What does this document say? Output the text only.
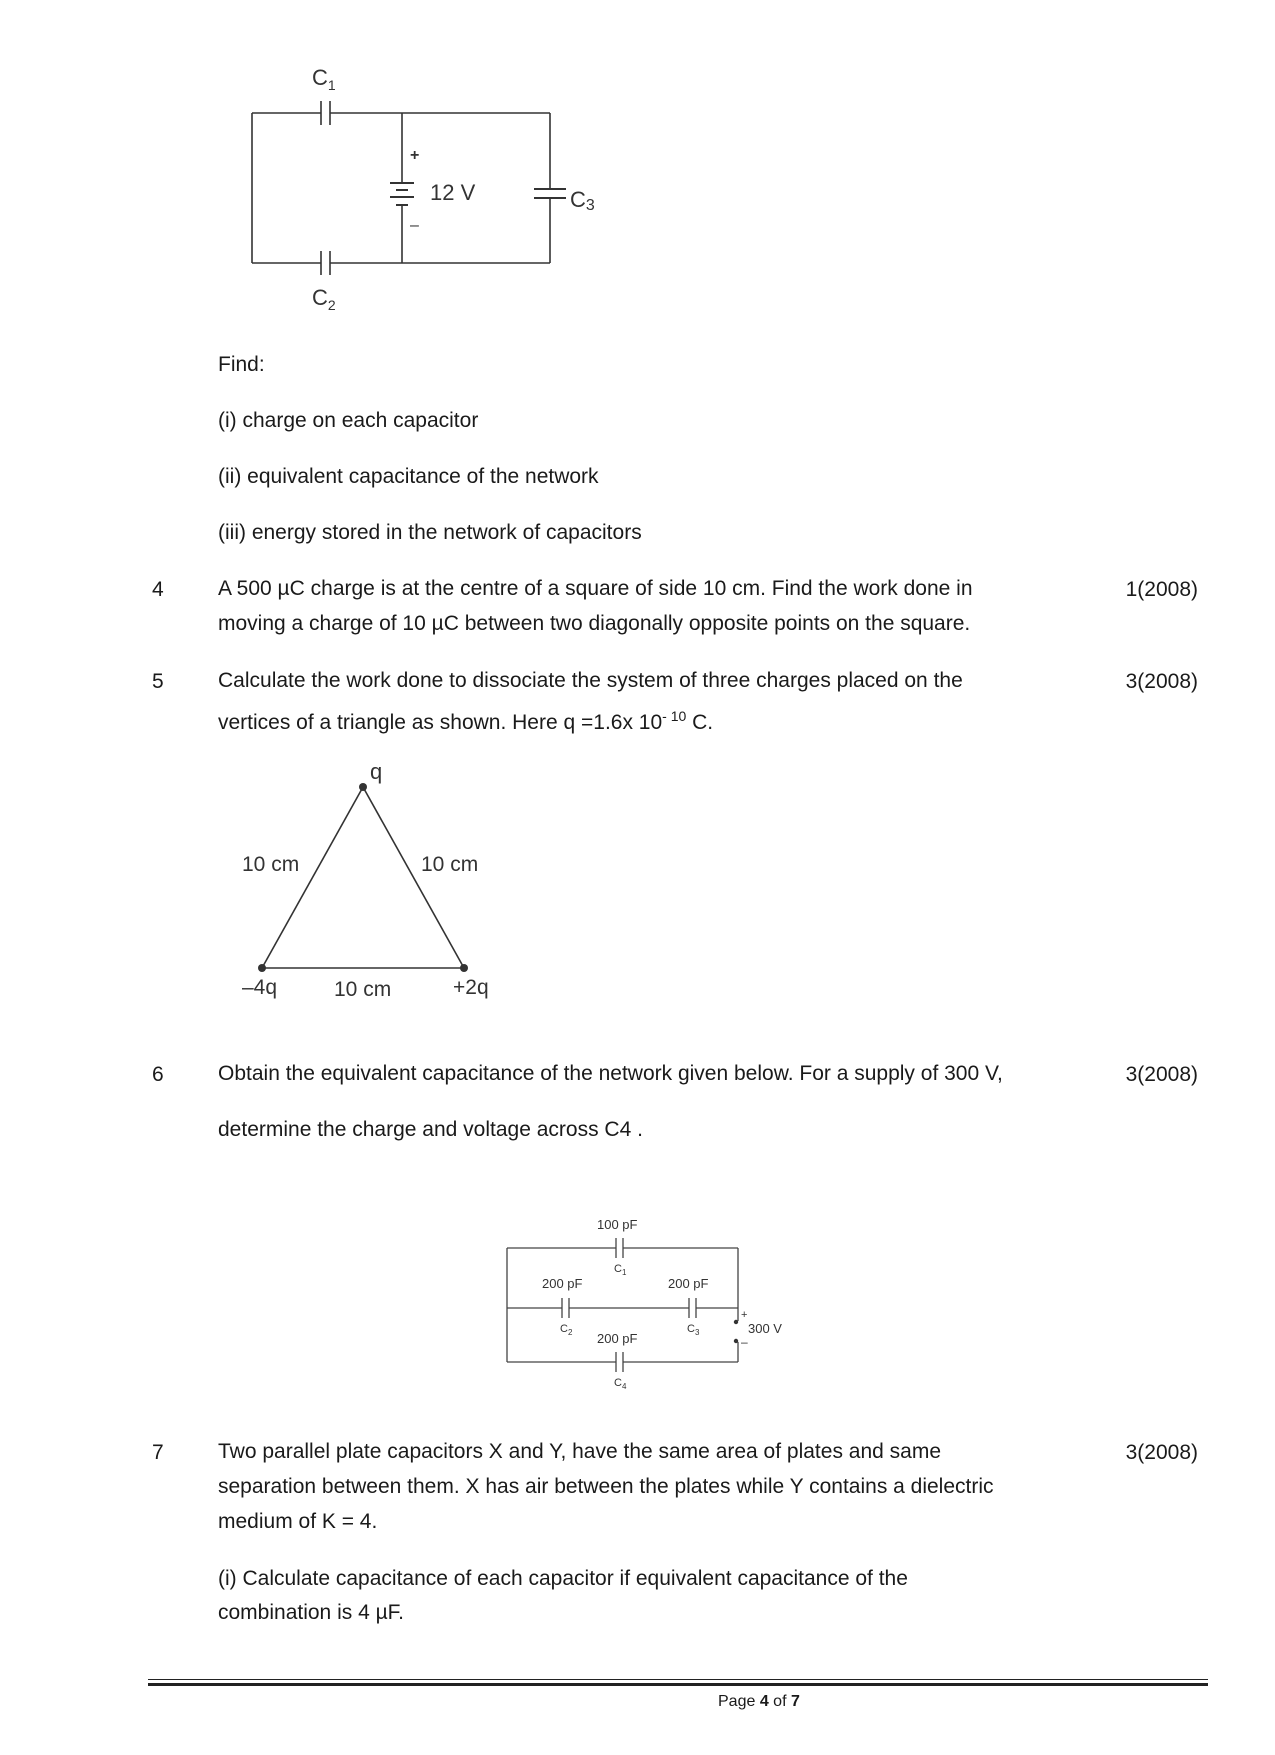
$C_1$
$C_2$
C3
12 V
+
–
Find:
(i) charge on each capacitor
(ii) equivalent capacitance of the network
(iii) energy stored in the network of capacitors
4	A 500 µC charge is at the centre of a square of side 10 cm. Find the work done in
moving a charge of 10 µC between two diagonally opposite points on the square.
1(2008)
5	Calculate the work done to dissociate the system of three charges placed on the
vertices of a triangle as shown. Here q =1.6x $10^{- 10}$ C.
3(2008)
q
–4q	+2q
10 cm	10 cm
10 cm
6	Obtain the equivalent capacitance of the network given below. For a supply of 300 V,
determine the charge and voltage across C4 .
3(2008)
+
–
300 V
100 pF
$C_1$
200 pF
$C_2$
200 pF
$C_3$
200 pF
$C_4$
7	Two parallel plate capacitors X and Y, have the same area of plates and same
separation between them. X has air between the plates while Y contains a dielectric
medium of K = 4.
3(2008)
(i) Calculate capacitance of each capacitor if equivalent capacitance of the
combination is 4 µF.
Page 4 of 7
